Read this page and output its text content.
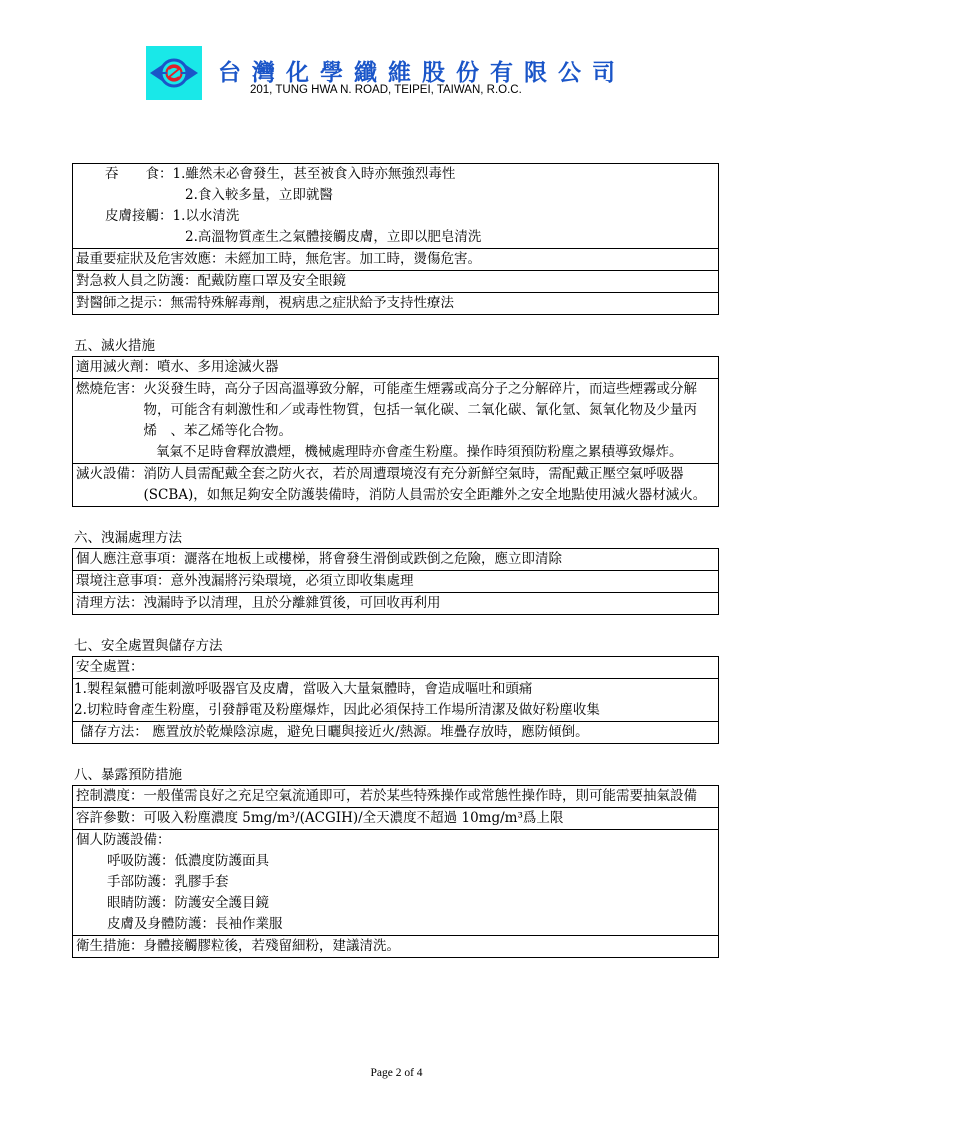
台灣化學纖維股份有限公司
201, TUNG HWA N. ROAD, TEIPEI, TAIWAN, R.O.C.
吞　　食：1.雖然未必會發生，甚至被食入時亦無強烈毒性
2.食入較多量，立即就醫
皮膚接觸：1.以水清洗
2.高溫物質產生之氣體接觸皮膚，立即以肥皂清洗
最重要症狀及危害效應：未經加工時，無危害。加工時，燙傷危害。
對急救人員之防護：配戴防塵口罩及安全眼鏡
對醫師之提示：無需特殊解毒劑，視病患之症狀給予支持性療法
五、滅火措施
適用滅火劑：噴水、多用途滅火器
燃燒危害： 火災發生時，高分子因高溫導致分解，可能產生煙霧或高分子之分解碎片，而這些煙霧或分解物，可能含有刺激性和／或毒性物質，包括一氧化碳、二氧化碳、氰化氫、氮氧化物及少量丙烯　、苯乙烯等化合物。
氧氣不足時會釋放濃煙，機械處理時亦會產生粉塵。操作時須預防粉塵之累積導致爆炸。
滅火設備： 消防人員需配戴全套之防火衣，若於周遭環境沒有充分新鮮空氣時，需配戴正壓空氣呼吸器(SCBA)，如無足夠安全防護裝備時，消防人員需於安全距離外之安全地點使用滅火器材滅火。
六、洩漏處理方法
個人應注意事項：灑落在地板上或樓梯，將會發生滑倒或跌倒之危險，應立即清除
環境注意事項：意外洩漏將污染環境，必須立即收集處理
清理方法：洩漏時予以清理，且於分離雜質後，可回收再利用
七、安全處置與儲存方法
安全處置：
1.製程氣體可能刺激呼吸器官及皮膚，當吸入大量氣體時，會造成嘔吐和頭痛
2.切粒時會產生粉塵，引發靜電及粉塵爆炸，因此必須保持工作場所清潔及做好粉塵收集
儲存方法： 應置放於乾燥陰涼處，避免日曬與接近火/熱源。堆疊存放時，應防傾倒。
八、暴露預防措施
控制濃度： 一般僅需良好之充足空氣流通即可，若於某些特殊操作或常態性操作時，則可能需要抽氣設備
容許參數：可吸入粉塵濃度 5mg/m³/(ACGIH)/全天濃度不超過 10mg/m³爲上限
個人防護設備：
呼吸防護：低濃度防護面具
手部防護：乳膠手套
眼睛防護：防護安全護目鏡
皮膚及身體防護：長袖作業服
衛生措施：身體接觸膠粒後，若殘留細粉，建議清洗。
Page 2 of 4
